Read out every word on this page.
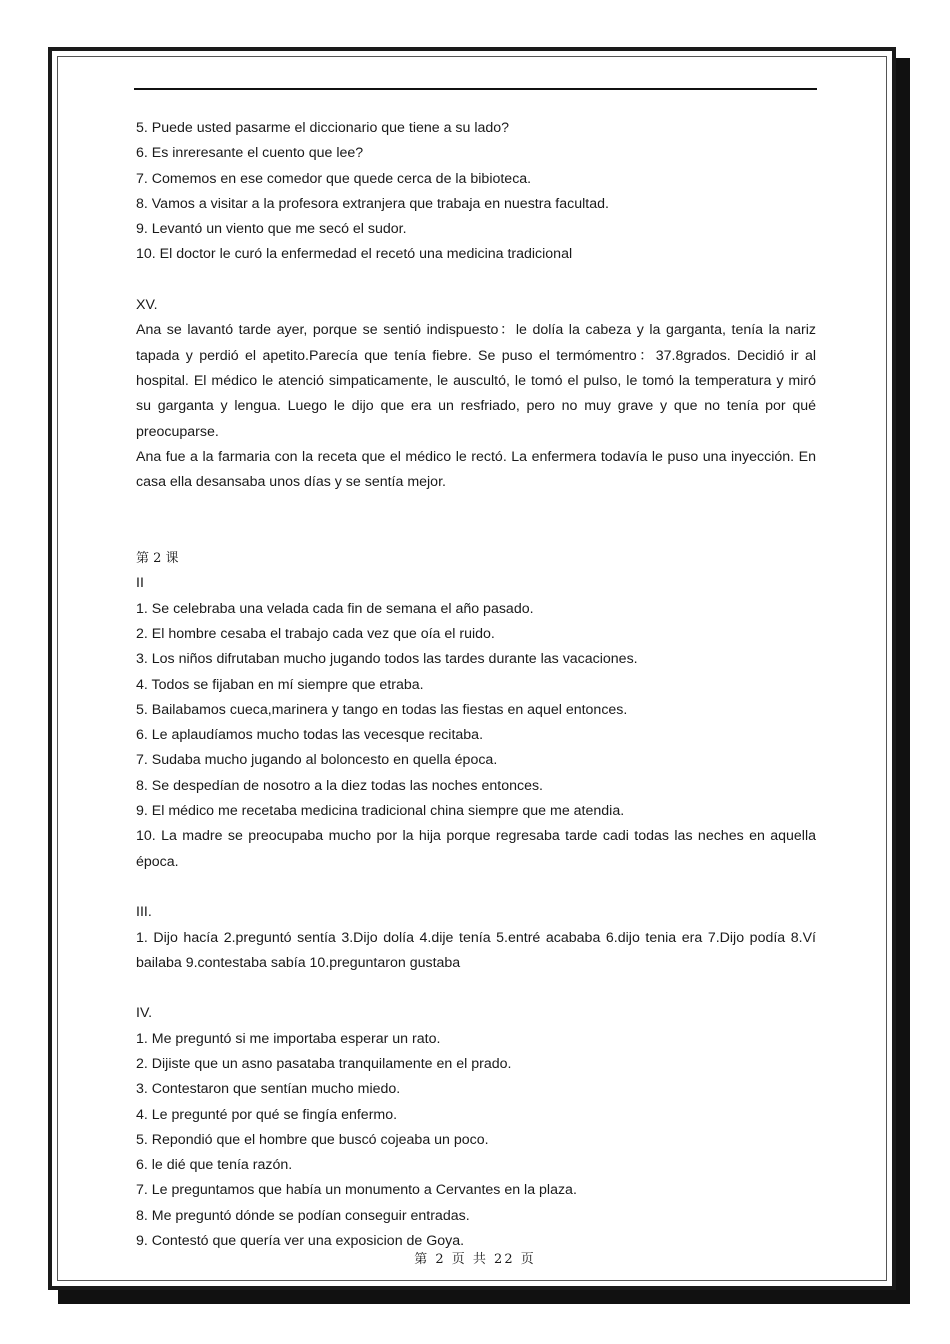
5. Puede usted pasarme el diccionario que tiene a su lado?
6. Es inreresante el cuento que lee?
7. Comemos en ese comedor que quede cerca de la bibioteca.
8. Vamos a visitar a la profesora extranjera que trabaja en nuestra facultad.
9. Levantó un viento que me secó el sudor.
10. El doctor le curó la enfermedad el recetó una medicina tradicional
XV.
Ana se lavantó tarde ayer, porque se sentió indispuesto：le dolía la cabeza y la garganta, tenía la nariz tapada y perdió el apetito.Parecía que tenía fiebre. Se puso el termómentro：37.8grados. Decidió ir al hospital. El médico le atenció simpaticamente, le auscultó, le tomó el pulso, le tomó la temperatura y miró su garganta y lengua. Luego le dijo que era un resfriado, pero no muy grave y que no tenía por qué preocuparse.
Ana fue a la farmaria con la receta que el médico le rectó. La enfermera todavía le puso una inyección. En casa ella desansaba unos días y se sentía mejor.
第 2 课
II
1. Se celebraba una velada cada fin de semana el año pasado.
2. El hombre cesaba el trabajo cada vez que oía el ruido.
3. Los niños difrutaban mucho jugando todos las tardes durante las vacaciones.
4. Todos se fijaban en mí siempre que etraba.
5. Bailabamos cueca,marinera y tango en todas las fiestas en aquel entonces.
6. Le aplaudíamos mucho todas las vecesque recitaba.
7. Sudaba mucho jugando al boloncesto en quella época.
8. Se despedían de nosotro a la diez todas las noches entonces.
9. El médico me recetaba medicina tradicional china siempre que me atendia.
10. La madre se preocupaba mucho por la hija porque regresaba tarde cadi todas las neches en aquella época.
III.
1. Dijo hacía 2.preguntó sentía 3.Dijo dolía 4.dije tenía 5.entré acababa 6.dijo tenia era 7.Dijo podía 8.Ví bailaba 9.contestaba sabía 10.preguntaron gustaba
IV.
1. Me preguntó si me importaba esperar un rato.
2. Dijiste que un asno pasataba tranquilamente en el prado.
3. Contestaron que sentían mucho miedo.
4. Le pregunté por qué se fingía enfermo.
5. Repondió que el hombre que buscó cojeaba un poco.
6. le dié que tenía razón.
7. Le preguntamos que había un monumento a Cervantes en la plaza.
8. Me preguntó dónde se podían conseguir entradas.
9. Contestó que quería ver una exposicion de Goya.
第 2 页 共 22 页
